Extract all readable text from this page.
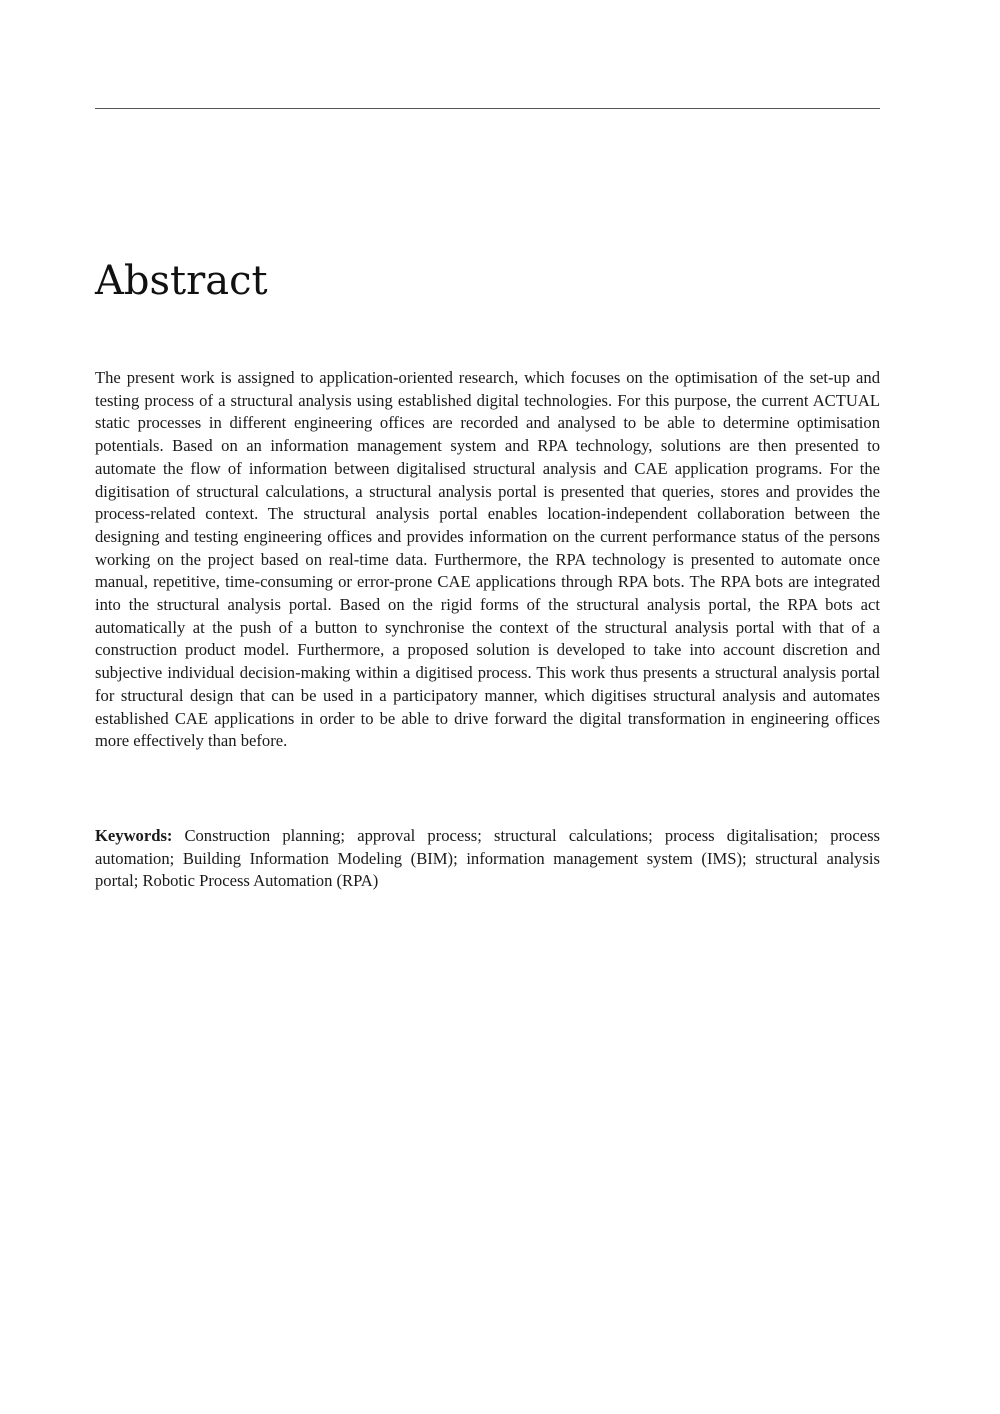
Abstract

The present work is assigned to application-oriented research, which focuses on the optimisation of the set-up and testing process of a structural analysis using established digital technologies. For this purpose, the current ACTUAL static processes in different engineering offices are recorded and analysed to be able to determine optimisation potentials. Based on an information management system and RPA technology, solutions are then presented to automate the flow of information between digitalised structural analysis and CAE application programs. For the digitisation of structural calculations, a structural analysis portal is presented that queries, stores and provides the process-related context. The structural analysis portal enables location-independent collaboration between the designing and testing engineering offices and provides information on the current performance status of the persons working on the project based on real-time data. Furthermore, the RPA technology is presented to automate once manual, repetitive, time-consuming or error-prone CAE applications through RPA bots. The RPA bots are integrated into the structural analysis portal. Based on the rigid forms of the structural analysis portal, the RPA bots act automatically at the push of a button to synchronise the context of the structural analysis portal with that of a construction product model. Furthermore, a proposed solution is developed to take into account discretion and subjective individual decision-making within a digitised process. This work thus presents a structural analysis portal for structural design that can be used in a participatory manner, which digitises structural analysis and automates established CAE applications in order to be able to drive forward the digital transformation in engineering offices more effectively than before.

Keywords: Construction planning; approval process; structural calculations; process digitalisation; process automation; Building Information Modeling (BIM); information management system (IMS); structural analysis portal; Robotic Process Automation (RPA)
